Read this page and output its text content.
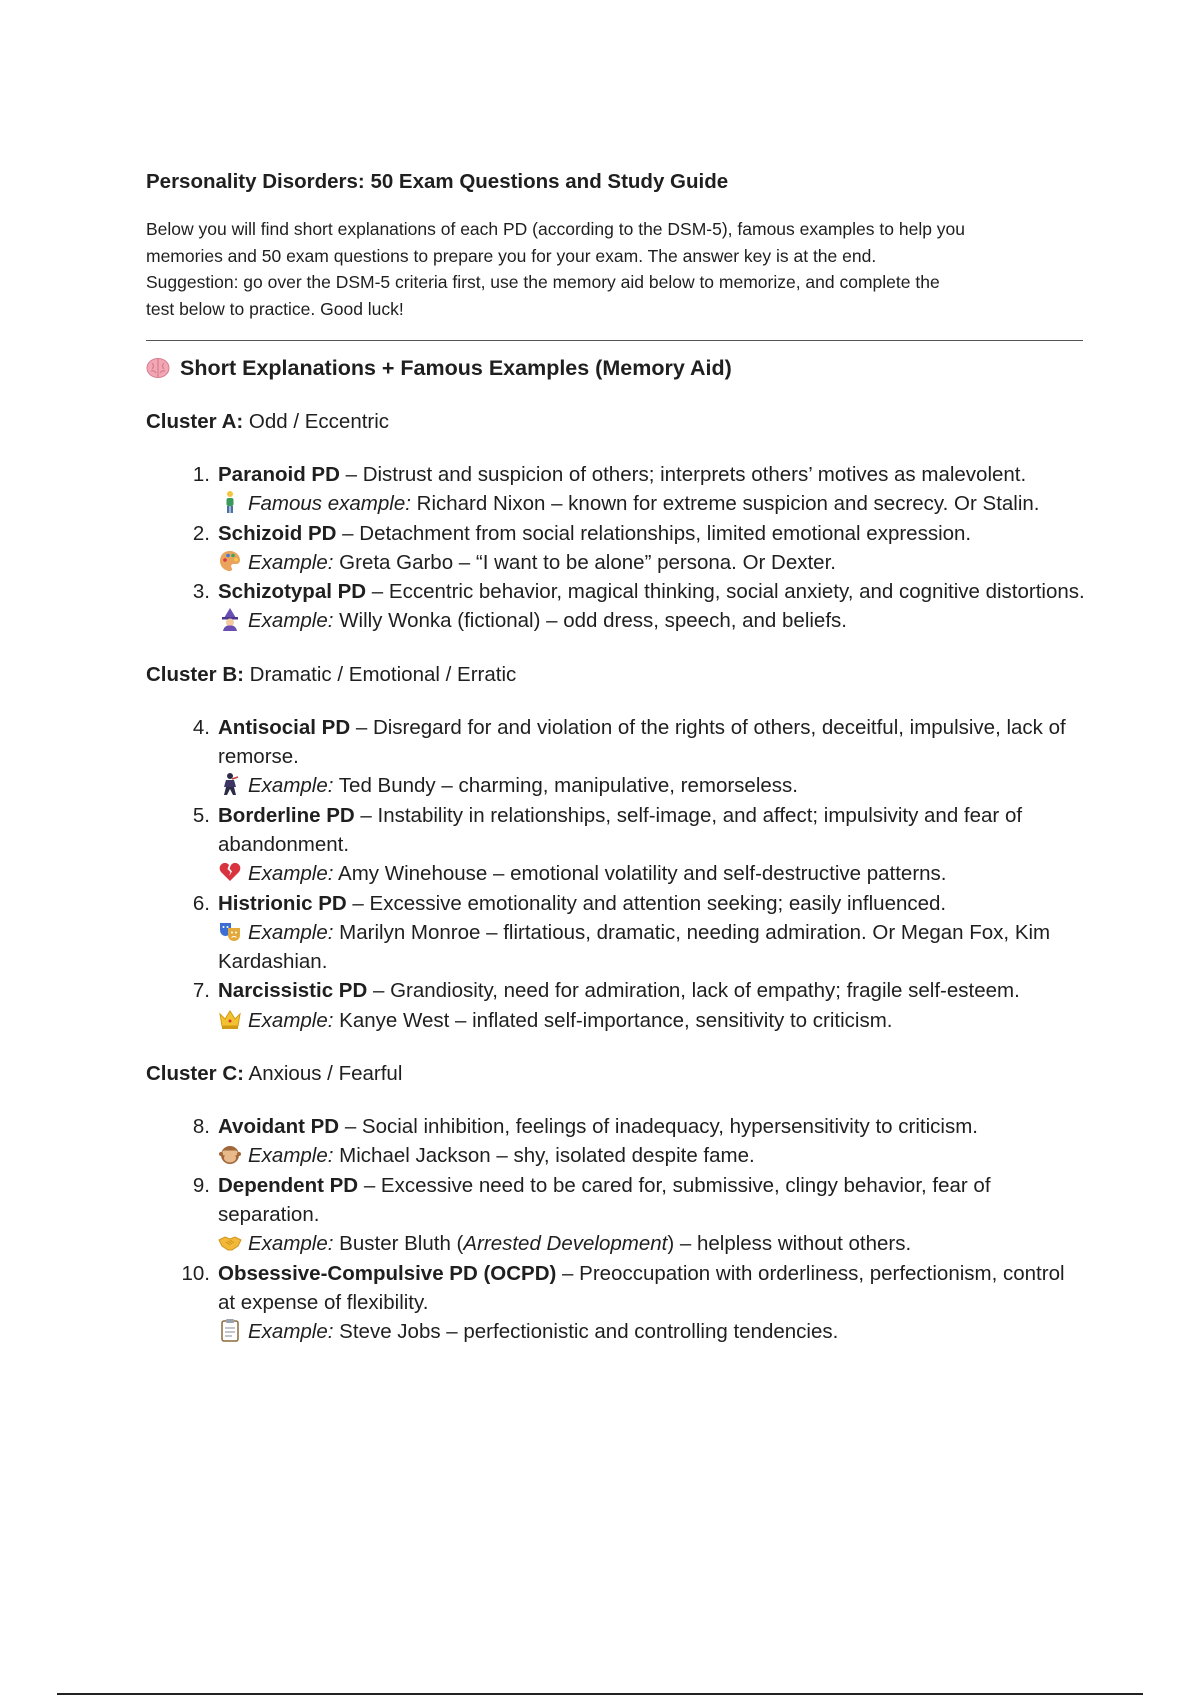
Personality Disorders: 50 Exam Questions and Study Guide

Below you will find short explanations of each PD (according to the DSM-5), famous examples to help you
memories and 50 exam questions to prepare you for your exam. The answer key is at the end.
Suggestion: go over the DSM-5 criteria first, use the memory aid below to memorize, and complete the
test below to practice. Good luck!

Short Explanations + Famous Examples (Memory Aid)

Cluster A: Odd / Eccentric

1. Paranoid PD – Distrust and suspicion of others; interprets others’ motives as malevolent.
Famous example: Richard Nixon – known for extreme suspicion and secrecy. Or Stalin.
2. Schizoid PD – Detachment from social relationships, limited emotional expression.
Example: Greta Garbo – “I want to be alone” persona. Or Dexter.
3. Schizotypal PD – Eccentric behavior, magical thinking, social anxiety, and cognitive distortions.
Example: Willy Wonka (fictional) – odd dress, speech, and beliefs.

Cluster B: Dramatic / Emotional / Erratic

4. Antisocial PD – Disregard for and violation of the rights of others, deceitful, impulsive, lack of remorse.
Example: Ted Bundy – charming, manipulative, remorseless.
5. Borderline PD – Instability in relationships, self-image, and affect; impulsivity and fear of abandonment.
Example: Amy Winehouse – emotional volatility and self-destructive patterns.
6. Histrionic PD – Excessive emotionality and attention seeking; easily influenced.
Example: Marilyn Monroe – flirtatious, dramatic, needing admiration. Or Megan Fox, Kim Kardashian.
7. Narcissistic PD – Grandiosity, need for admiration, lack of empathy; fragile self-esteem.
Example: Kanye West – inflated self-importance, sensitivity to criticism.

Cluster C: Anxious / Fearful

8. Avoidant PD – Social inhibition, feelings of inadequacy, hypersensitivity to criticism.
Example: Michael Jackson – shy, isolated despite fame.
9. Dependent PD – Excessive need to be cared for, submissive, clingy behavior, fear of separation.
Example: Buster Bluth (Arrested Development) – helpless without others.
10. Obsessive-Compulsive PD (OCPD) – Preoccupation with orderliness, perfectionism, control at expense of flexibility.
Example: Steve Jobs – perfectionistic and controlling tendencies.
